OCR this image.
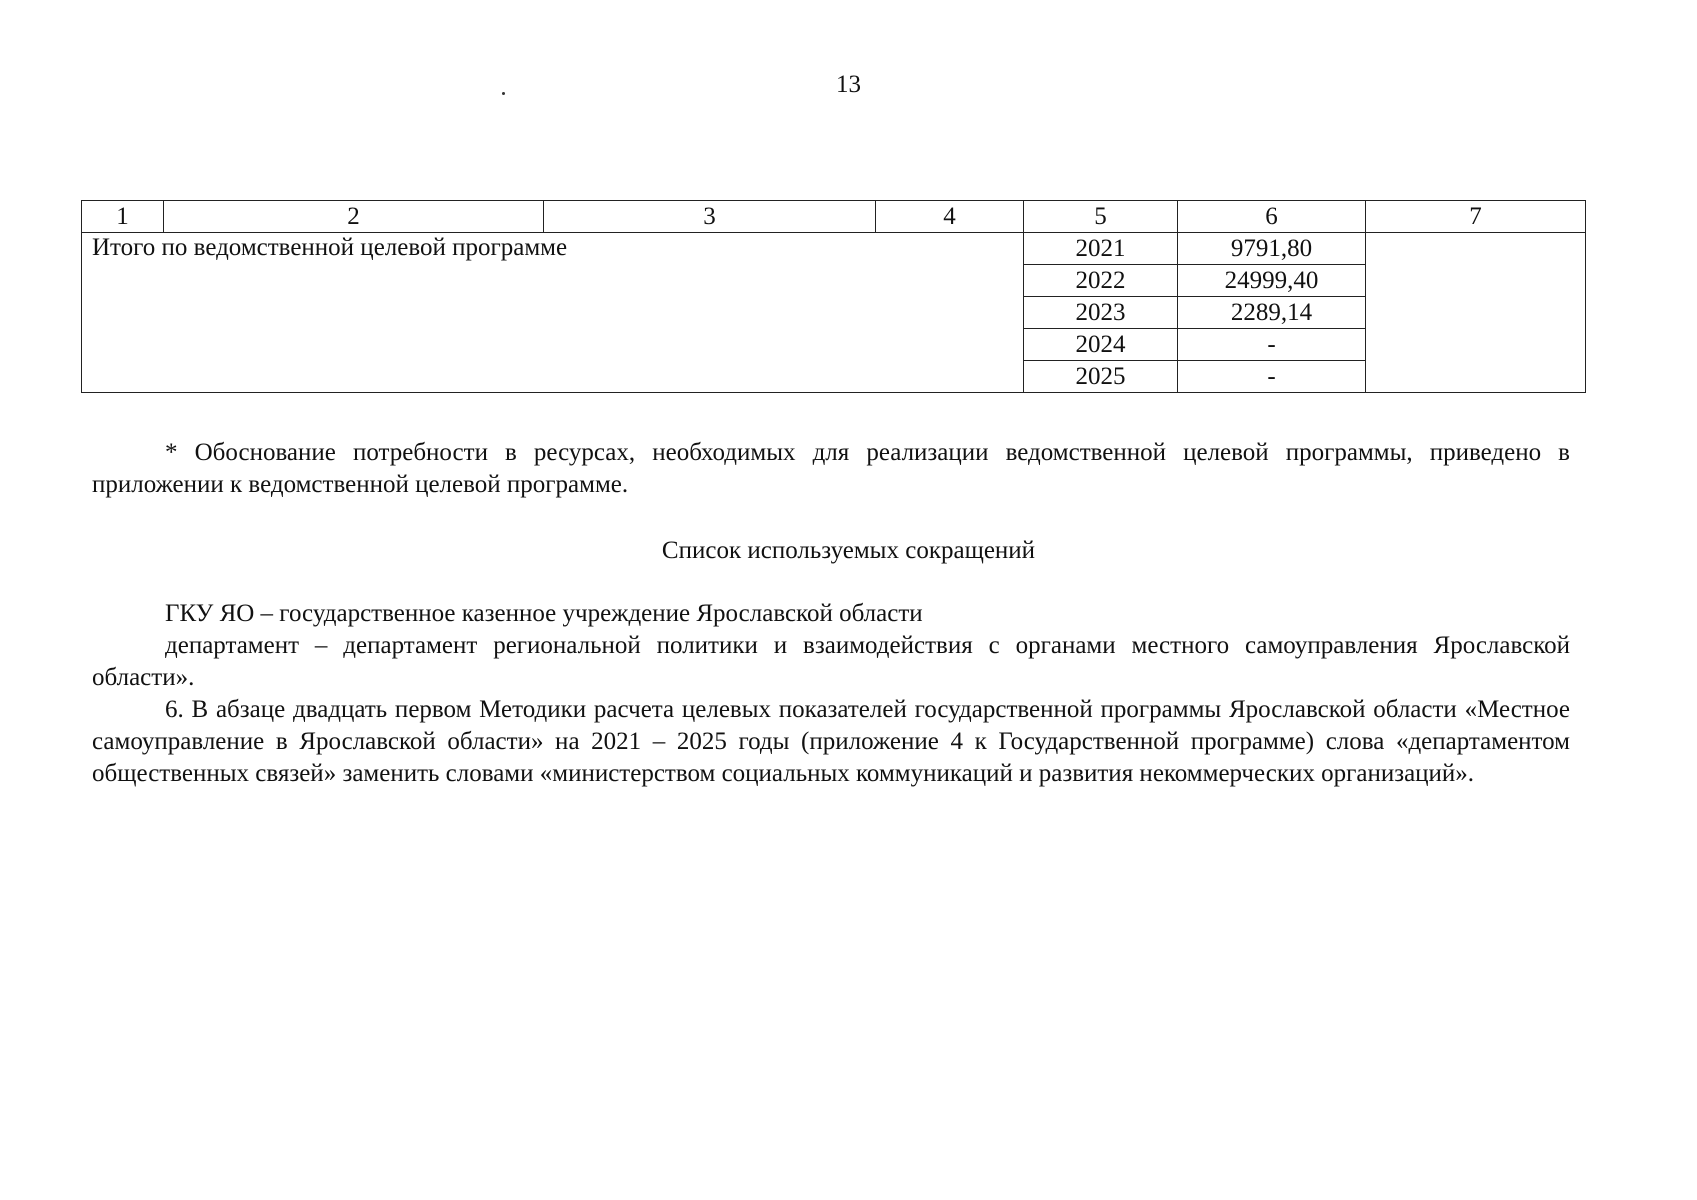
13
1	2	3	4	5	6	7
Итого по ведомственной целевой программе				2021	9791,80	
				2022	24999,40	
				2023	2289,14	
				2024	-	
				2025	-	

* Обоснование потребности в ресурсах, необходимых для реализации ведомственной целевой программы, приведено в приложении к ведомственной целевой программе.

Список используемых сокращений

ГКУ ЯО – государственное казенное учреждение Ярославской области

департамент – департамент региональной политики и взаимодействия с органами местного самоуправления Ярославской области».

6. В абзаце двадцать первом Методики расчета целевых показателей государственной программы Ярославской области «Местное самоуправление в Ярославской области» на 2021 – 2025 годы (приложение 4 к Государственной программе) слова «департаментом общественных связей» заменить словами «министерством социальных коммуникаций и развития некоммерческих организаций».
